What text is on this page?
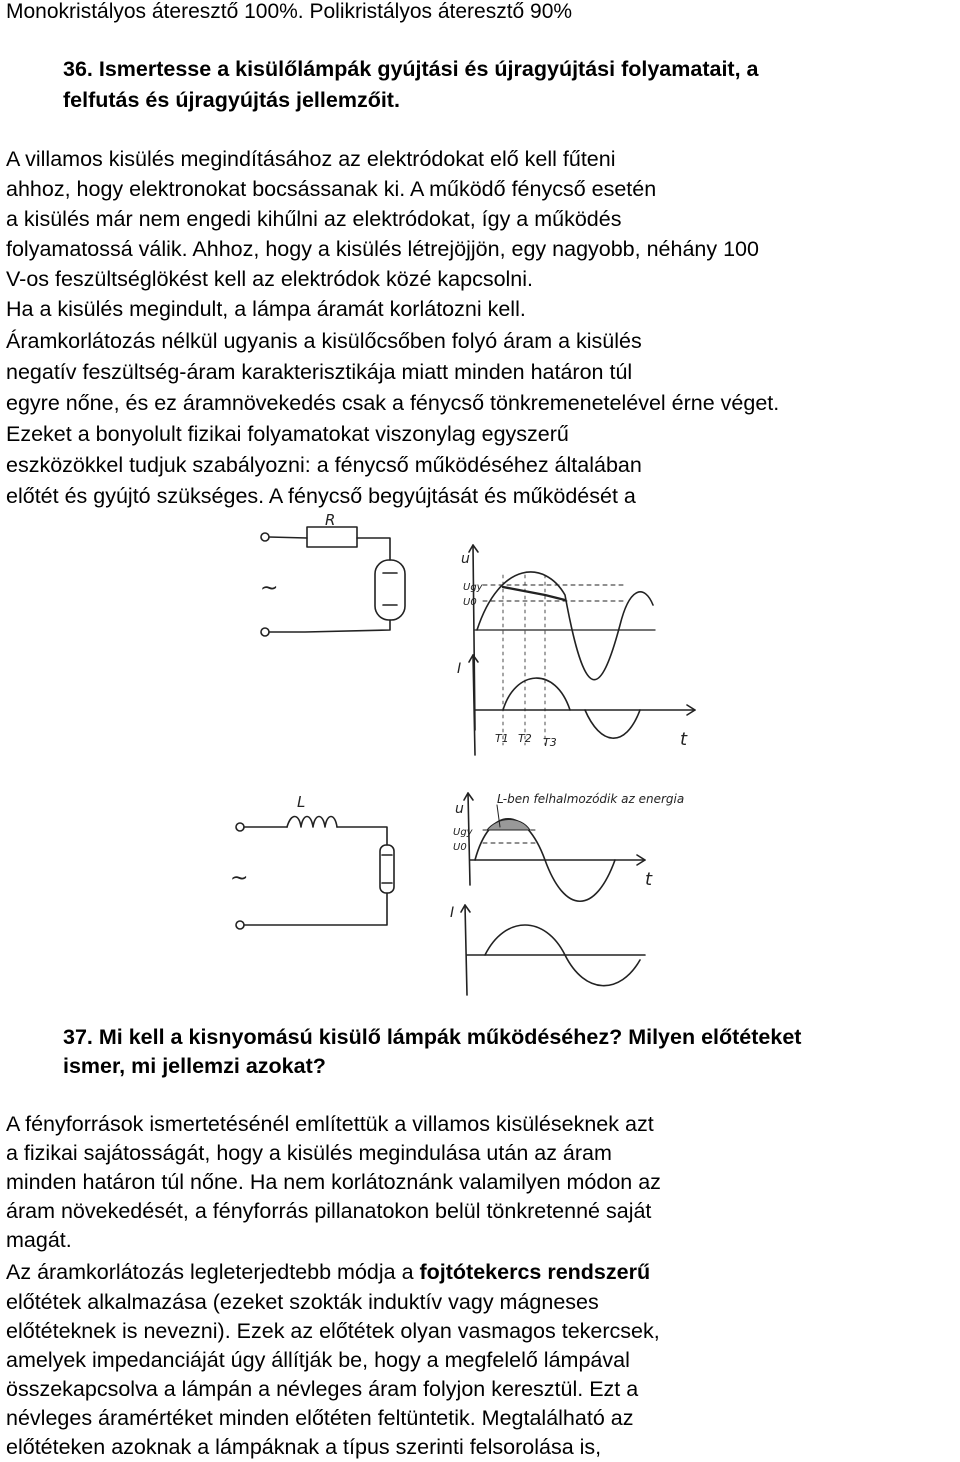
Monokristályos áteresztő 100%. Polikristályos áteresztő 90%
36. Ismertesse a kisülőlámpák gyújtási és újragyújtási folyamatait, a
felfutás és újragyújtás jellemzőit.
A villamos kisülés megindításához az elektródokat elő kell fűteni
ahhoz, hogy elektronokat bocsássanak ki. A működő fénycső esetén
a kisülés már nem engedi kihűlni az elektródokat, így a működés
folyamatossá válik. Ahhoz, hogy a kisülés létrejöjjön, egy nagyobb, néhány 100
V-os feszültséglökést kell az elektródok közé kapcsolni.
Ha a kisülés megindult, a lámpa áramát korlátozni kell.
Áramkorlátozás nélkül ugyanis a kisülőcsőben folyó áram a kisülés
negatív feszültség-áram karakterisztikája miatt minden határon túl
egyre nőne, és ez áramnövekedés csak a fénycső tönkremenetelével érne véget.
Ezeket a bonyolult fizikai folyamatokat viszonylag egyszerű
eszközökkel tudjuk szabályozni: a fénycső működéséhez általában
előtét és gyújtó szükséges. A fénycső begyújtását és működését a
R
~
u
Ugy
U0
I
t
T1 T2 T3
L
~
u
Ugy
U0
t
L-ben felhalmozódik az energia
I
37. Mi kell a kisnyomású kisülő lámpák működéséhez? Milyen előtéteket
ismer, mi jellemzi azokat?
A fényforrások ismertetésénél említettük a villamos kisüléseknek azt
a fizikai sajátosságát, hogy a kisülés megindulása után az áram
minden határon túl nőne. Ha nem korlátoznánk valamilyen módon az
áram növekedését, a fényforrás pillanatokon belül tönkretenné saját
magát.
Az áramkorlátozás legleterjedtebb módja a fojtótekercs rendszerű
előtétek alkalmazása (ezeket szokták induktív vagy mágneses
előtéteknek is nevezni). Ezek az előtétek olyan vasmagos tekercsek,
amelyek impedanciáját úgy állítják be, hogy a megfelelő lámpával
összekapcsolva a lámpán a névleges áram folyjon keresztül. Ezt a
névleges áramértéket minden előtéten feltüntetik. Megtalálható az
előtéteken azoknak a lámpáknak a típus szerinti felsorolása is,
